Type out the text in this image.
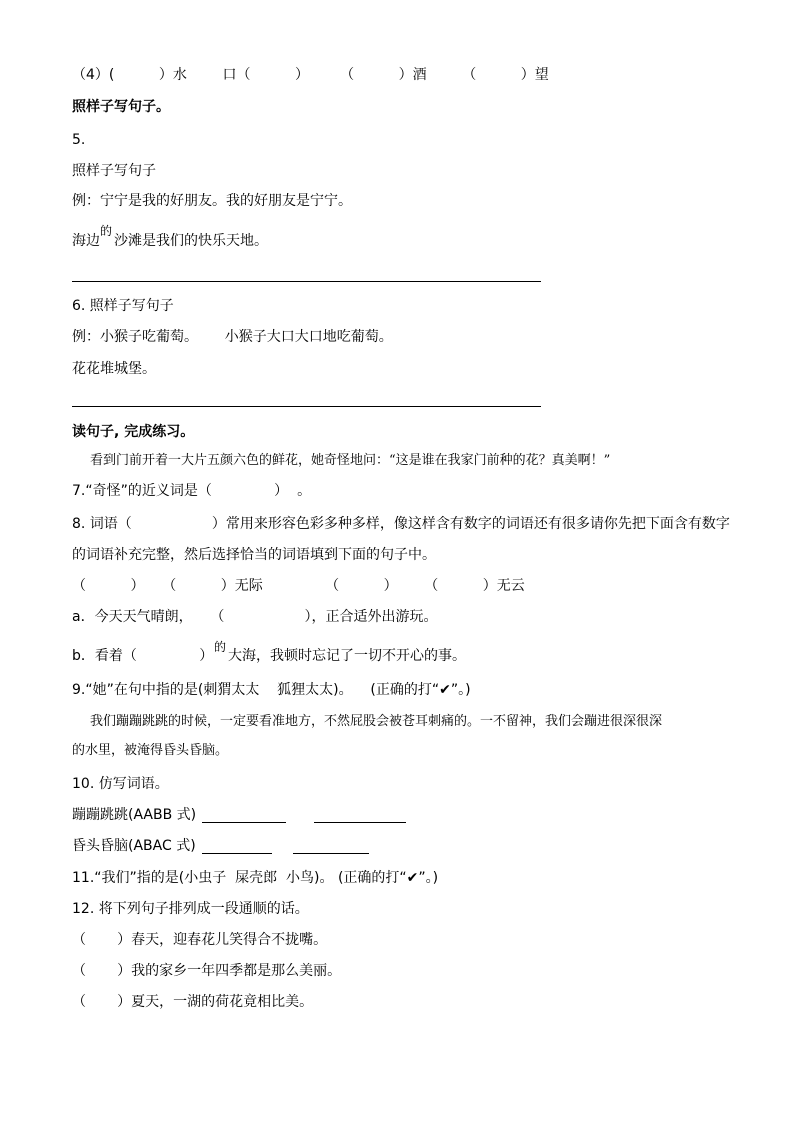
（4）(          ）水        口（          ）       （          ）酒        （          ）望
照样子写句子。
5.
照样子写句子
例：宁宁是我的好朋友。我的好朋友是宁宁。
海边
的
沙滩是我们的快乐天地。
6. 照样子写句子
例：小猴子吃葡萄。      小猴子大口大口地吃葡萄。
花花堆城堡。
读句子, 完成练习。
看到门前开着一大片五颜六色的鲜花，她奇怪地问：“这是谁在我家门前种的花？真美啊！”
7.“奇怪”的近义词是（              ）  。
8. 词语（                  ）常用来形容色彩多种多样，像这样含有数字的词语还有很多请你先把下面含有数字
的词语补充完整，然后选择恰当的词语填到下面的句子中。
（          ）    （          ）无际              （          ）      （          ）无云
a．今天天气晴朗，    （                  ），正合适外出游玩。
b．看着（              ）
的
大海，我顿时忘记了一切不开心的事。
9.“她”在句中指的是(刺猬太太    狐狸太太)。    (正确的打“✔”。)
我们蹦蹦跳跳的时候，一定要看准地方，不然屁股会被苍耳刺痛的。一不留神，我们会蹦进很深很深
的水里，被淹得昏头昏脑。
10. 仿写词语。
蹦蹦跳跳(AABB 式)
昏头昏脑(ABAC 式)
11.“我们”指的是(小虫子  屎壳郎  小鸟)。 (正确的打“✔”。)
12. 将下列句子排列成一段通顺的话。
（       ）春天，迎春花儿笑得合不拢嘴。
（       ）我的家乡一年四季都是那么美丽。
（       ）夏天，一湖的荷花竟相比美。
